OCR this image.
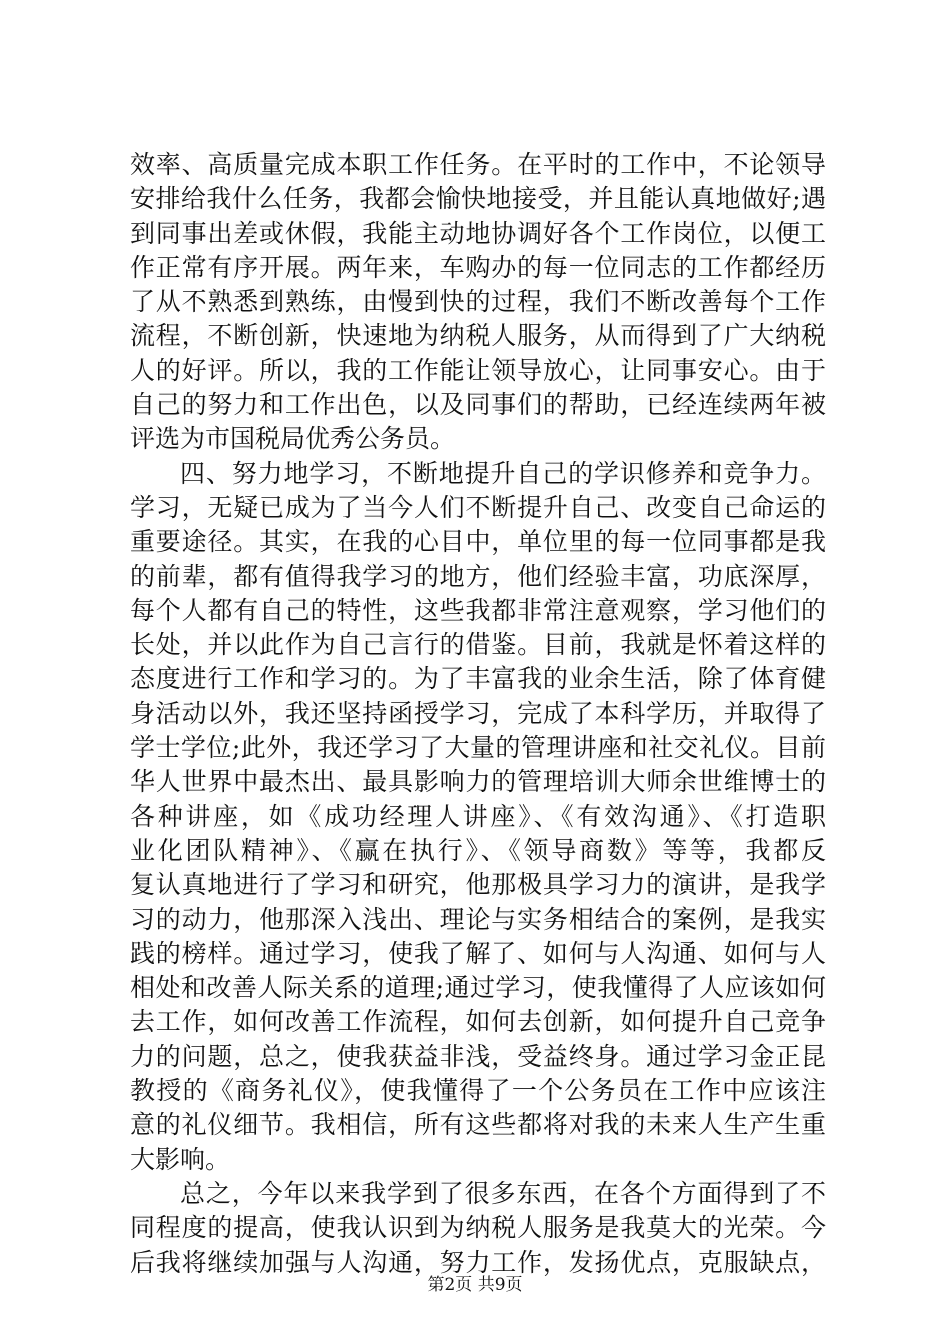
效率、高质量完成本职工作任务。在平时的工作中，不论领导
安排给我什么任务，我都会愉快地接受，并且能认真地做好;遇
到同事出差或休假，我能主动地协调好各个工作岗位，以便工
作正常有序开展。两年来，车购办的每一位同志的工作都经历
了从不熟悉到熟练，由慢到快的过程，我们不断改善每个工作
流程，不断创新，快速地为纳税人服务，从而得到了广大纳税
人的好评。所以，我的工作能让领导放心，让同事安心。由于
自己的努力和工作出色，以及同事们的帮助，已经连续两年被
评选为市国税局优秀公务员。
四、努力地学习，不断地提升自己的学识修养和竞争力。
学习，无疑已成为了当今人们不断提升自己、改变自己命运的
重要途径。其实，在我的心目中，单位里的每一位同事都是我
的前辈，都有值得我学习的地方，他们经验丰富，功底深厚，
每个人都有自己的特性，这些我都非常注意观察，学习他们的
长处，并以此作为自己言行的借鉴。目前，我就是怀着这样的
态度进行工作和学习的。为了丰富我的业余生活，除了体育健
身活动以外，我还坚持函授学习，完成了本科学历，并取得了
学士学位;此外，我还学习了大量的管理讲座和社交礼仪。目前
华人世界中最杰出、最具影响力的管理培训大师余世维博士的
各种讲座，如《成功经理人讲座》、《有效沟通》、《打造职
业化团队精神》、《赢在执行》、《领导商数》等等，我都反
复认真地进行了学习和研究，他那极具学习力的演讲，是我学
习的动力，他那深入浅出、理论与实务相结合的案例，是我实
践的榜样。通过学习，使我了解了、如何与人沟通、如何与人
相处和改善人际关系的道理;通过学习，使我懂得了人应该如何
去工作，如何改善工作流程，如何去创新，如何提升自己竞争
力的问题，总之，使我获益非浅，受益终身。通过学习金正昆
教授的《商务礼仪》，使我懂得了一个公务员在工作中应该注
意的礼仪细节。我相信，所有这些都将对我的未来人生产生重
大影响。
总之，今年以来我学到了很多东西，在各个方面得到了不
同程度的提高，使我认识到为纳税人服务是我莫大的光荣。今
后我将继续加强与人沟通，努力工作，发扬优点，克服缺点，
第2页 共9页
